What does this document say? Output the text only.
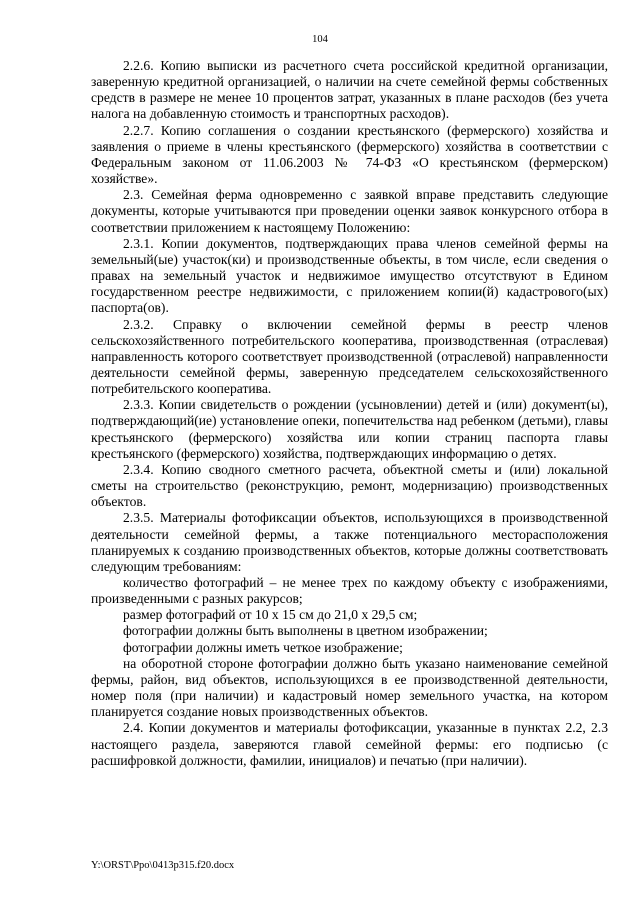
104

2.2.6. Копию выписки из расчетного счета российской кредитной организации, заверенную кредитной организацией, о наличии на счете семейной фермы собственных средств в размере не менее 10 процентов затрат, указанных в плане расходов (без учета налога на добавленную стоимость и транспортных расходов).

2.2.7. Копию соглашения о создании крестьянского (фермерского) хозяйства и заявления о приеме в члены крестьянского (фермерского) хозяйства в соответствии с Федеральным законом от 11.06.2003 № 74-ФЗ «О крестьянском (фермерском) хозяйстве».

2.3. Семейная ферма одновременно с заявкой вправе представить следующие документы, которые учитываются при проведении оценки заявок конкурсного отбора в соответствии приложением к настоящему Положению:

2.3.1. Копии документов, подтверждающих права членов семейной фермы на земельный(ые) участок(ки) и производственные объекты, в том числе, если сведения о правах на земельный участок и недвижимое имущество отсутствуют в Едином государственном реестре недвижимости, с приложением копии(й) кадастрового(ых) паспорта(ов).

2.3.2. Справку о включении семейной фермы в реестр членов сельскохозяйственного потребительского кооператива, производственная (отраслевая) направленность которого соответствует производственной (отраслевой) направленности деятельности семейной фермы, заверенную председателем сельскохозяйственного потребительского кооператива.

2.3.3. Копии свидетельств о рождении (усыновлении) детей и (или) документ(ы), подтверждающий(ие) установление опеки, попечительства над ребенком (детьми), главы крестьянского (фермерского) хозяйства или копии страниц паспорта главы крестьянского (фермерского) хозяйства, подтверждающих информацию о детях.

2.3.4. Копию сводного сметного расчета, объектной сметы и (или) локальной сметы на строительство (реконструкцию, ремонт, модернизацию) производственных объектов.

2.3.5. Материалы фотофиксации объектов, использующихся в производственной деятельности семейной фермы, а также потенциального месторасположения планируемых к созданию производственных объектов, которые должны соответствовать следующим требованиям:

количество фотографий – не менее трех по каждому объекту с изображениями, произведенными с разных ракурсов;

размер фотографий от 10 x 15 см до 21,0 x 29,5 см;

фотографии должны быть выполнены в цветном изображении;

фотографии должны иметь четкое изображение;

на оборотной стороне фотографии должно быть указано наименование семейной фермы, район, вид объектов, использующихся в ее производственной деятельности, номер поля (при наличии) и кадастровый номер земельного участка, на котором планируется создание новых производственных объектов.

2.4. Копии документов и материалы фотофиксации, указанные в пунктах 2.2, 2.3 настоящего раздела, заверяются главой семейной фермы: его подписью (с расшифровкой должности, фамилии, инициалов) и печатью (при наличии).

Y:\ORST\Ppo\0413p315.f20.docx
